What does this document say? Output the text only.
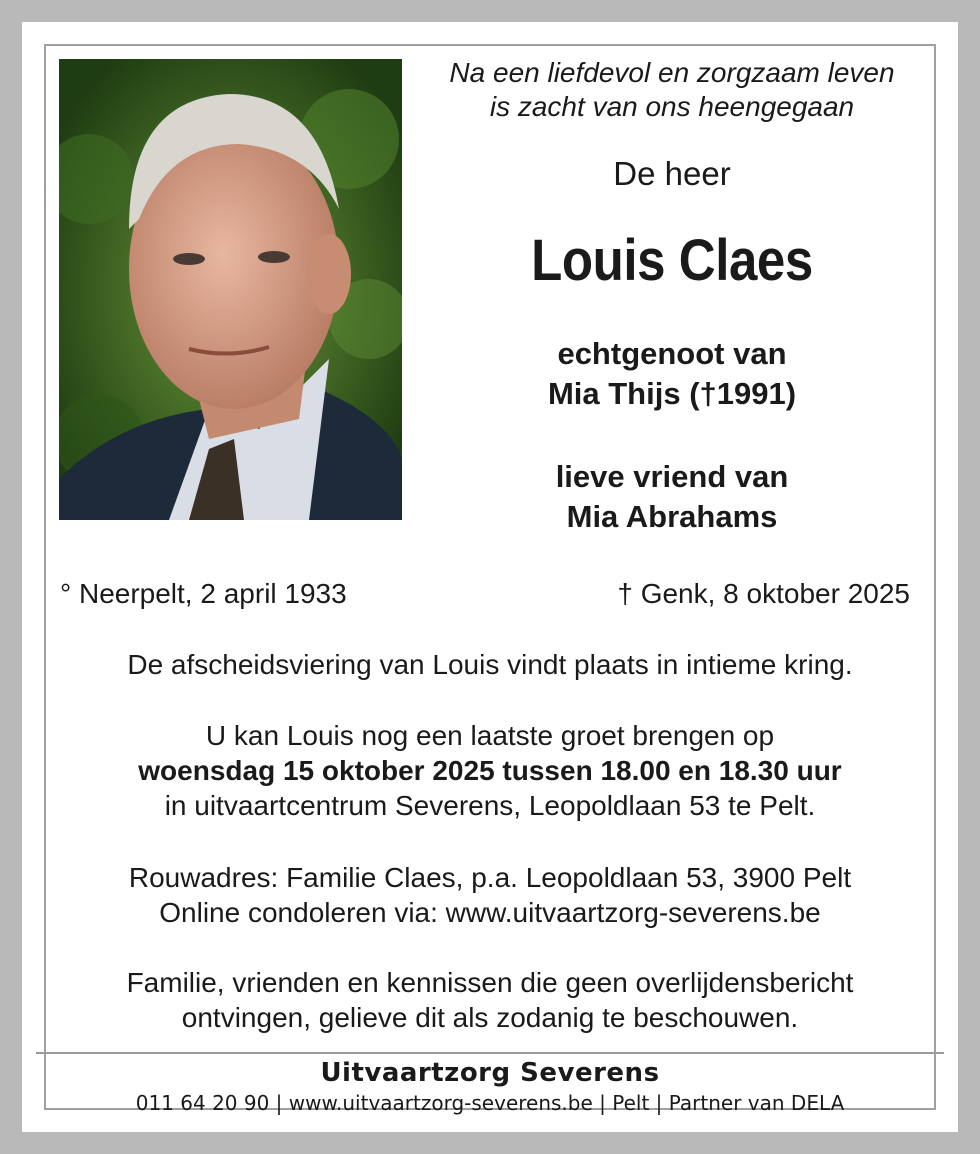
Na een liefdevol en zorgzaam leven
is zacht van ons heengegaan
De heer
Louis Claes
echtgenoot van
Mia Thijs (†1991)
lieve vriend van
Mia Abrahams
° Neerpelt, 2 april 1933	† Genk, 8 oktober 2025
De afscheidsviering van Louis vindt plaats in intieme kring.
U kan Louis nog een laatste groet brengen op
woensdag 15 oktober 2025 tussen 18.00 en 18.30 uur
in uitvaartcentrum Severens, Leopoldlaan 53 te Pelt.
Rouwadres: Familie Claes, p.a. Leopoldlaan 53, 3900 Pelt
Online condoleren via: www.uitvaartzorg-severens.be
Familie, vrienden en kennissen die geen overlijdensbericht
ontvingen, gelieve dit als zodanig te beschouwen.
Uitvaartzorg Severens
011 64 20 90 | www.uitvaartzorg-severens.be | Pelt | Partner van DELA
